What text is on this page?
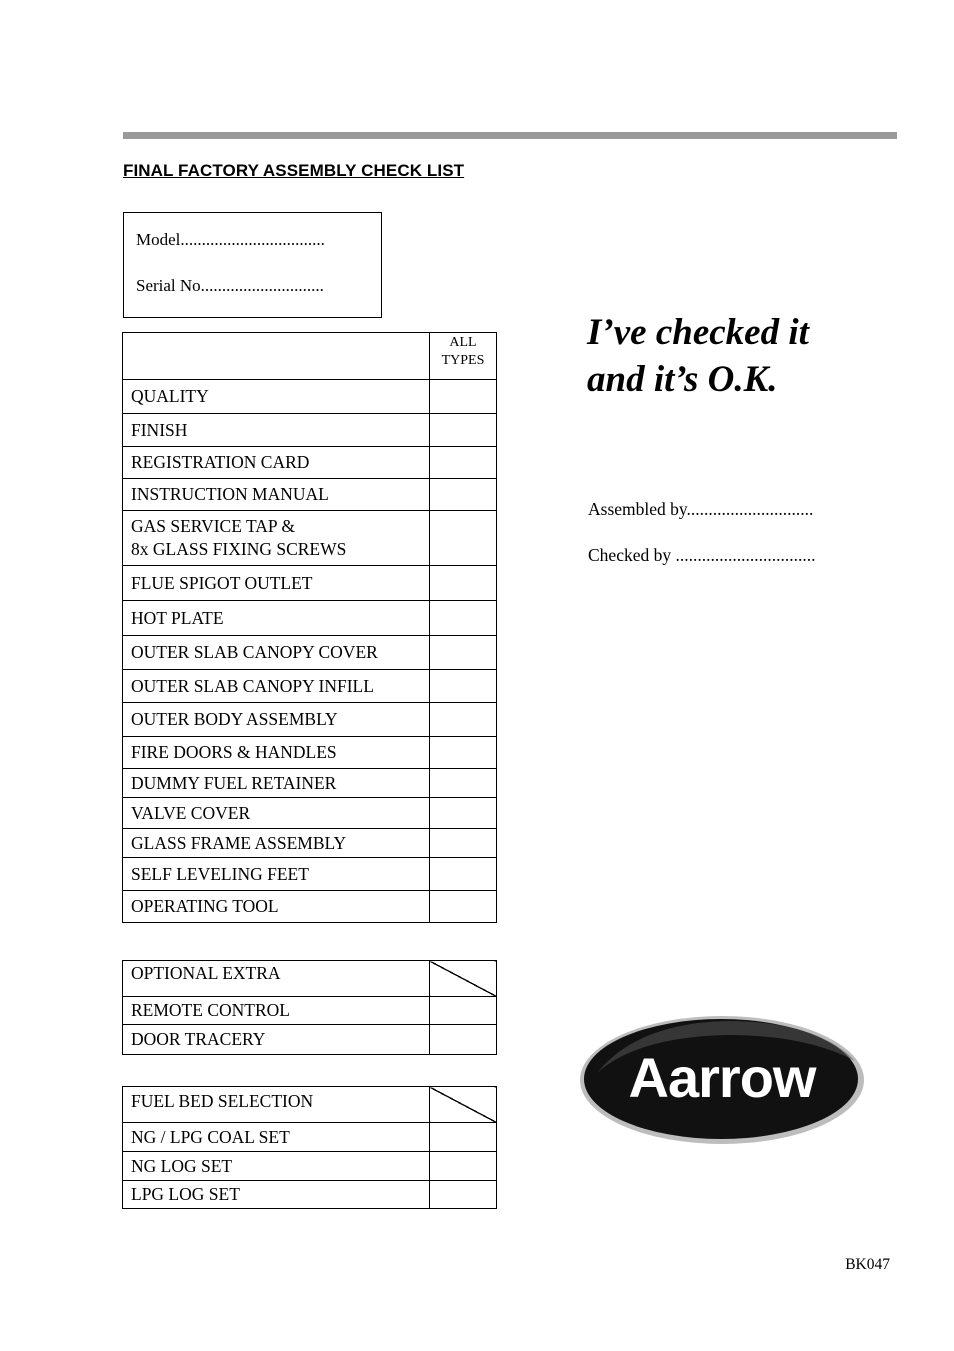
FINAL FACTORY ASSEMBLY CHECK LIST
Model..................................
Serial No.............................
	ALL TYPES
QUALITY	
FINISH	
REGISTRATION CARD	
INSTRUCTION MANUAL	
GAS SERVICE TAP &
8x GLASS FIXING SCREWS	
FLUE SPIGOT OUTLET	
HOT PLATE	
OUTER SLAB CANOPY COVER	
OUTER SLAB CANOPY INFILL	
OUTER BODY ASSEMBLY	
FIRE DOORS & HANDLES	
DUMMY FUEL RETAINER	
VALVE COVER	
GLASS FRAME ASSEMBLY	
SELF LEVELING FEET	
OPERATING TOOL	
OPTIONAL EXTRA	
REMOTE CONTROL	
DOOR TRACERY	
FUEL BED SELECTION	
NG / LPG COAL SET	
NG LOG SET	
LPG LOG SET	
I’ve checked it
and it’s O.K.
Assembled by.............................
Checked by ................................
Aarrow
BK047
